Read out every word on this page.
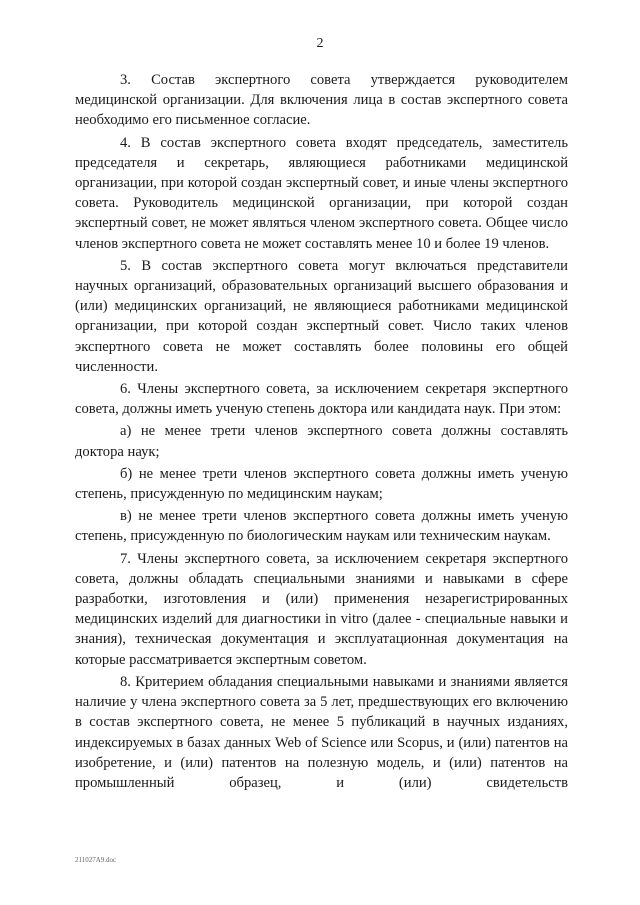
2

3. Состав экспертного совета утверждается руководителем медицинской организации. Для включения лица в состав экспертного совета необходимо его письменное согласие.

4. В состав экспертного совета входят председатель, заместитель председателя и секретарь, являющиеся работниками медицинской организации, при которой создан экспертный совет, и иные члены экспертного совета. Руководитель медицинской организации, при которой создан экспертный совет, не может являться членом экспертного совета. Общее число членов экспертного совета не может составлять менее 10 и более 19 членов.

5. В состав экспертного совета могут включаться представители научных организаций, образовательных организаций высшего образования и (или) медицинских организаций, не являющиеся работниками медицинской организации, при которой создан экспертный совет. Число таких членов экспертного совета не может составлять более половины его общей численности.

6. Члены экспертного совета, за исключением секретаря экспертного совета, должны иметь ученую степень доктора или кандидата наук. При этом:

а) не менее трети членов экспертного совета должны составлять доктора наук;

б) не менее трети членов экспертного совета должны иметь ученую степень, присужденную по медицинским наукам;

в) не менее трети членов экспертного совета должны иметь ученую степень, присужденную по биологическим наукам или техническим наукам.

7. Члены экспертного совета, за исключением секретаря экспертного совета, должны обладать специальными знаниями и навыками в сфере разработки, изготовления и (или) применения незарегистрированных медицинских изделий для диагностики in vitro (далее - специальные навыки и знания), техническая документация и эксплуатационная документация на которые рассматривается экспертным советом.

8. Критерием обладания специальными навыками и знаниями является наличие у члена экспертного совета за 5 лет, предшествующих его включению в состав экспертного совета, не менее 5 публикаций в научных изданиях, индексируемых в базах данных Web of Science или Scopus, и (или) патентов на изобретение, и (или) патентов на полезную модель, и (или) патентов на промышленный образец, и (или) свидетельств

211027А9.doc
